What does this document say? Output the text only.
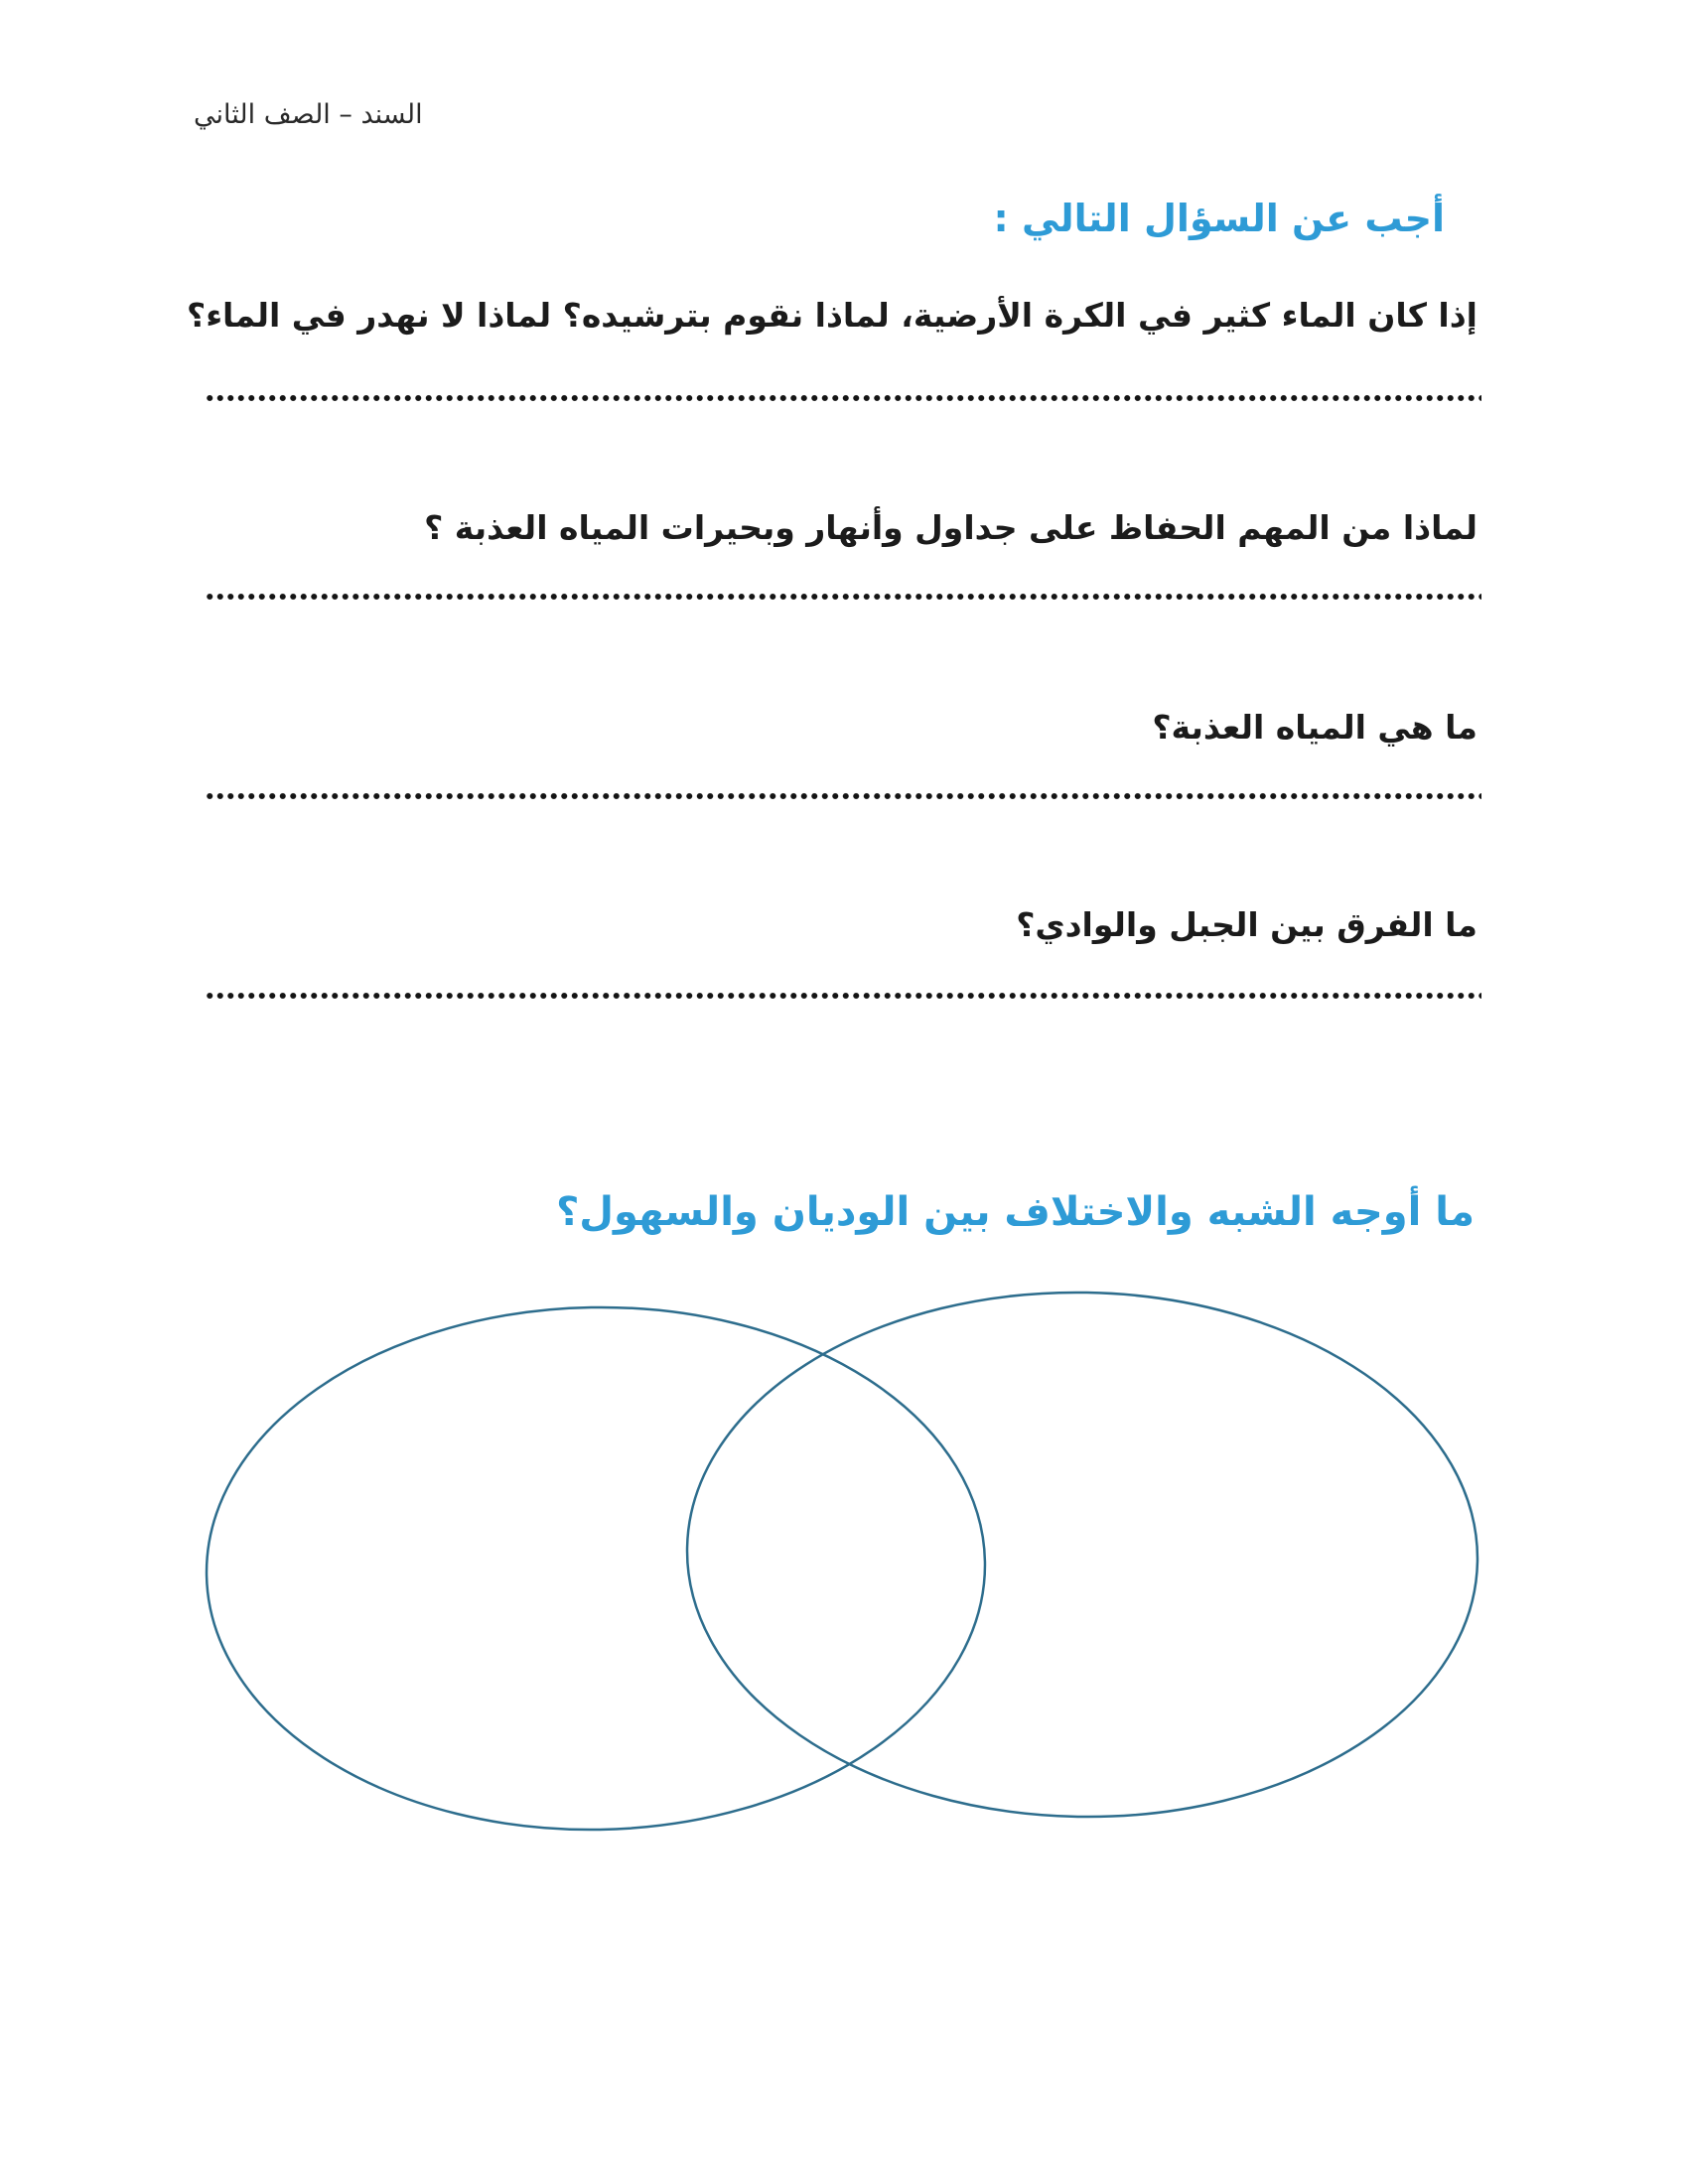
السند – الصف الثاني
أجب عن السؤال التالي :
إذا كان الماء كثير في الكرة الأرضية، لماذا نقوم بترشيده؟ لماذا لا نهدر في الماء؟
لماذا من المهم الحفاظ على جداول وأنهار وبحيرات المياه العذبة ؟
ما هي المياه العذبة؟
ما الفرق بين الجبل والوادي؟
ما أوجه الشبه والاختلاف بين الوديان والسهول؟
